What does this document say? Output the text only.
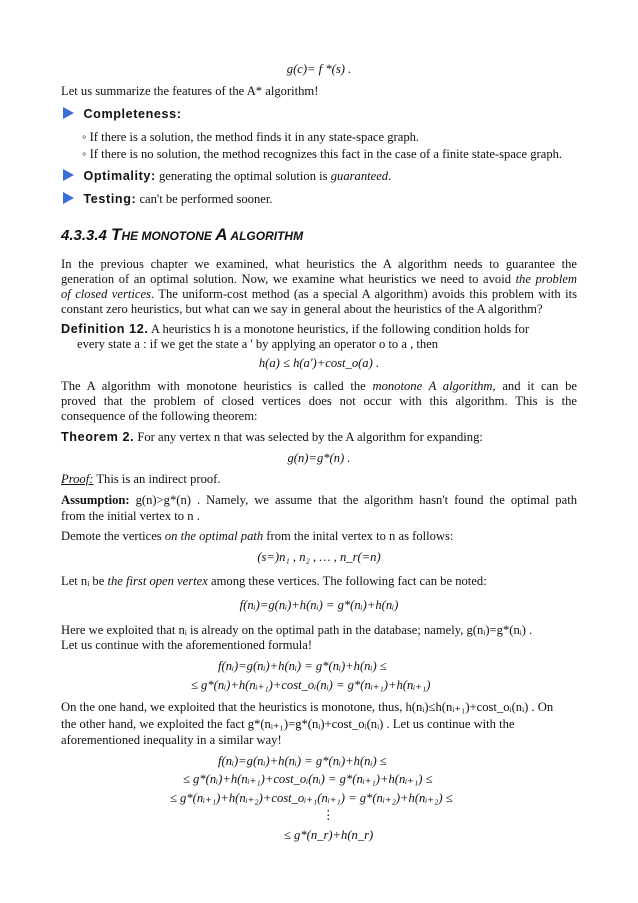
g(c)= f *(s) .
Let us summarize the features of the A* algorithm!
Completeness:
◦ If there is a solution, the method finds it in any state-space graph.
◦ If there is no solution, the method recognizes this fact in the case of a finite state-space graph.
Optimality: generating the optimal solution is guaranteed.
Testing: can't be performed sooner.
4.3.3.4 THE MONOTONE A ALGORITHM
In the previous chapter we examined, what heuristics the A algorithm needs to guarantee the
generation of an optimal solution. Now, we examine what heuristics we need to avoid the problem
of closed vertices. The uniform-cost method (as a special A algorithm) avoids this problem with its
constant zero heuristics, but what can we say in general about the heuristics of the A algorithm?
Definition 12. A heuristics h is a monotone heuristics, if the following condition holds for
every state a : if we get the state a ' by applying an operator o to a , then
h(a) ≤ h(a')+cost_o(a) .
The A algorithm with monotone heuristics is called the monotone A algorithm, and it can be
proved that the problem of closed vertices does not occur with this algorithm. This is the
consequence of the following theorem:
Theorem 2. For any vertex n that was selected by the A algorithm for expanding:
g(n)=g*(n) .
Proof: This is an indirect proof.
Assumption: g(n)>g*(n) . Namely, we assume that the algorithm hasn't found the optimal path
from the initial vertex to n .
Demote the vertices on the optimal path from the inital vertex to n as follows:
(s=)n₁ , n₂ , … , n_r(=n)
Let nᵢ be the first open vertex among these vertices. The following fact can be noted:
f(nᵢ)=g(nᵢ)+h(nᵢ) = g*(nᵢ)+h(nᵢ)
Here we exploited that nᵢ is already on the optimal path in the database; namely, g(nᵢ)=g*(nᵢ) .
Let us continue with the aforementioned formula!
f(nᵢ)=g(nᵢ)+h(nᵢ) = g*(nᵢ)+h(nᵢ) ≤
≤ g*(nᵢ)+h(nᵢ₊₁)+cost_oᵢ(nᵢ) = g*(nᵢ₊₁)+h(nᵢ₊₁)
On the one hand, we exploited that the heuristics is monotone, thus, h(nᵢ)≤h(nᵢ₊₁)+cost_oᵢ(nᵢ) . On
the other hand, we exploited the fact g*(nᵢ₊₁)=g*(nᵢ)+cost_oᵢ(nᵢ) . Let us continue with the
aforementioned inequality in a similar way!
f(nᵢ)=g(nᵢ)+h(nᵢ) = g*(nᵢ)+h(nᵢ) ≤
≤ g*(nᵢ)+h(nᵢ₊₁)+cost_oᵢ(nᵢ) = g*(nᵢ₊₁)+h(nᵢ₊₁) ≤
≤ g*(nᵢ₊₁)+h(nᵢ₊₂)+cost_oᵢ₊₁(nᵢ₊₁) = g*(nᵢ₊₂)+h(nᵢ₊₂) ≤
⋮
≤ g*(n_r)+h(n_r)
